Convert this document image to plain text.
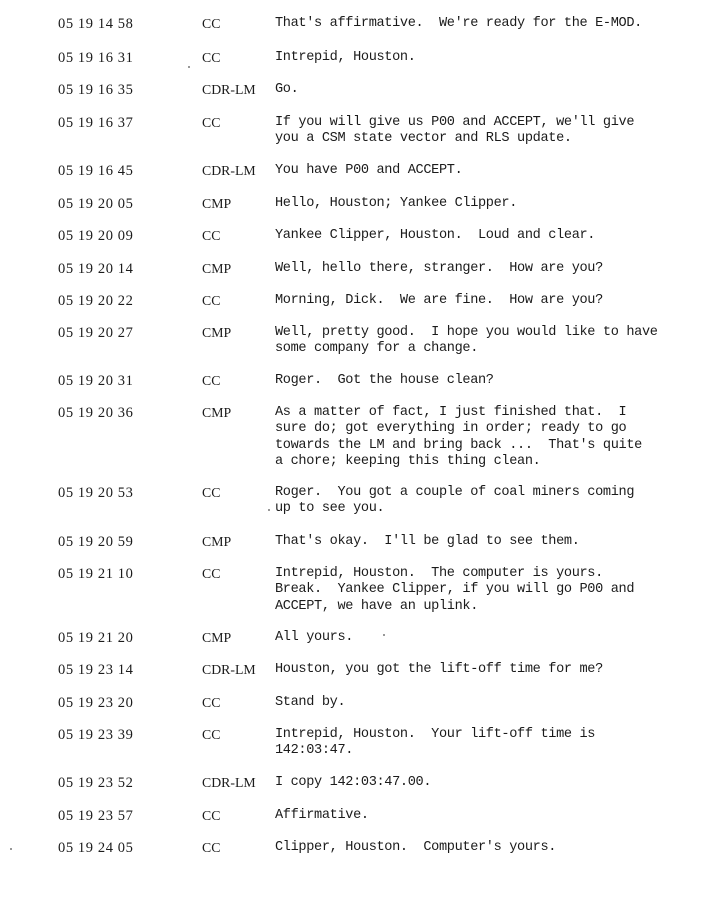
05 19 14 58	CC	That's affirmative.  We're ready for the E-MOD.
05 19 16 31	CC	Intrepid, Houston.
05 19 16 35	CDR-LM Go.
05 19 16 37	CC	If you will give us P00 and ACCEPT, we'll give
you a CSM state vector and RLS update.
05 19 16 45	CDR-LM You have P00 and ACCEPT.
05 19 20 05	CMP	Hello, Houston; Yankee Clipper.
05 19 20 09	CC	Yankee Clipper, Houston.  Loud and clear.
05 19 20 14	CMP	Well, hello there, stranger.  How are you?
05 19 20 22	CC	Morning, Dick.  We are fine.  How are you?
05 19 20 27	CMP	Well, pretty good.  I hope you would like to have
some company for a change.
05 19 20 31	CC	Roger.  Got the house clean?
05 19 20 36	CMP	As a matter of fact, I just finished that.  I
sure do; got everything in order; ready to go
towards the LM and bring back ...  That's quite
a chore; keeping this thing clean.
05 19 20 53	CC	Roger.  You got a couple of coal miners coming
up to see you.
05 19 20 59	CMP	That's okay.  I'll be glad to see them.
05 19 21 10	CC	Intrepid, Houston.  The computer is yours.
Break.  Yankee Clipper, if you will go P00 and
ACCEPT, we have an uplink.
05 19 21 20	CMP	All yours.
05 19 23 14	CDR-LM Houston, you got the lift-off time for me?
05 19 23 20	CC	Stand by.
05 19 23 39	CC	Intrepid, Houston.  Your lift-off time is
142:03:47.
05 19 23 52	CDR-LM I copy 142:03:47.00.
05 19 23 57	CC	Affirmative.
05 19 24 05	CC	Clipper, Houston.  Computer's yours.
